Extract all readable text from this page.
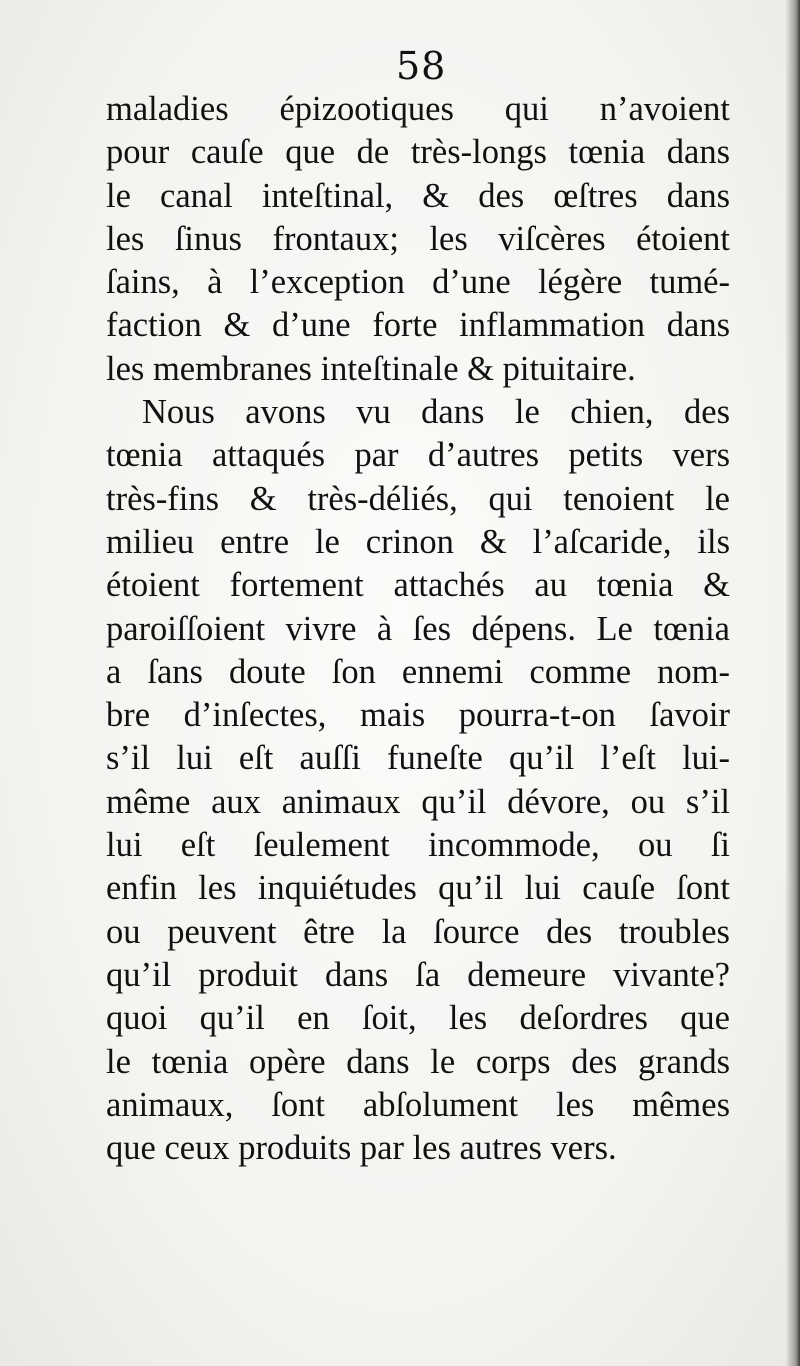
58
maladies épizootiques qui n’avoient
pour cauſe que de très-longs tœnia dans
le canal inteſtinal, & des œſtres dans
les ſinus frontaux; les viſcères étoient
ſains, à l’exception d’une légère tumé-
faction & d’une forte inflammation dans
les membranes inteſtinale & pituitaire.
Nous avons vu dans le chien, des
tœnia attaqués par d’autres petits vers
très-fins & très-déliés, qui tenoient le
milieu entre le crinon & l’aſcaride, ils
étoient fortement attachés au tœnia &
paroiſſoient vivre à ſes dépens. Le tœnia
a ſans doute ſon ennemi comme nom-
bre d’inſectes, mais pourra-t-on ſavoir
s’il lui eſt auſſi funeſte qu’il l’eſt lui-
même aux animaux qu’il dévore, ou s’il
lui eſt ſeulement incommode, ou ſi
enfin les inquiétudes qu’il lui cauſe ſont
ou peuvent être la ſource des troubles
qu’il produit dans ſa demeure vivante?
quoi qu’il en ſoit, les deſordres que
le tœnia opère dans le corps des grands
animaux, ſont abſolument les mêmes
que ceux produits par les autres vers.
